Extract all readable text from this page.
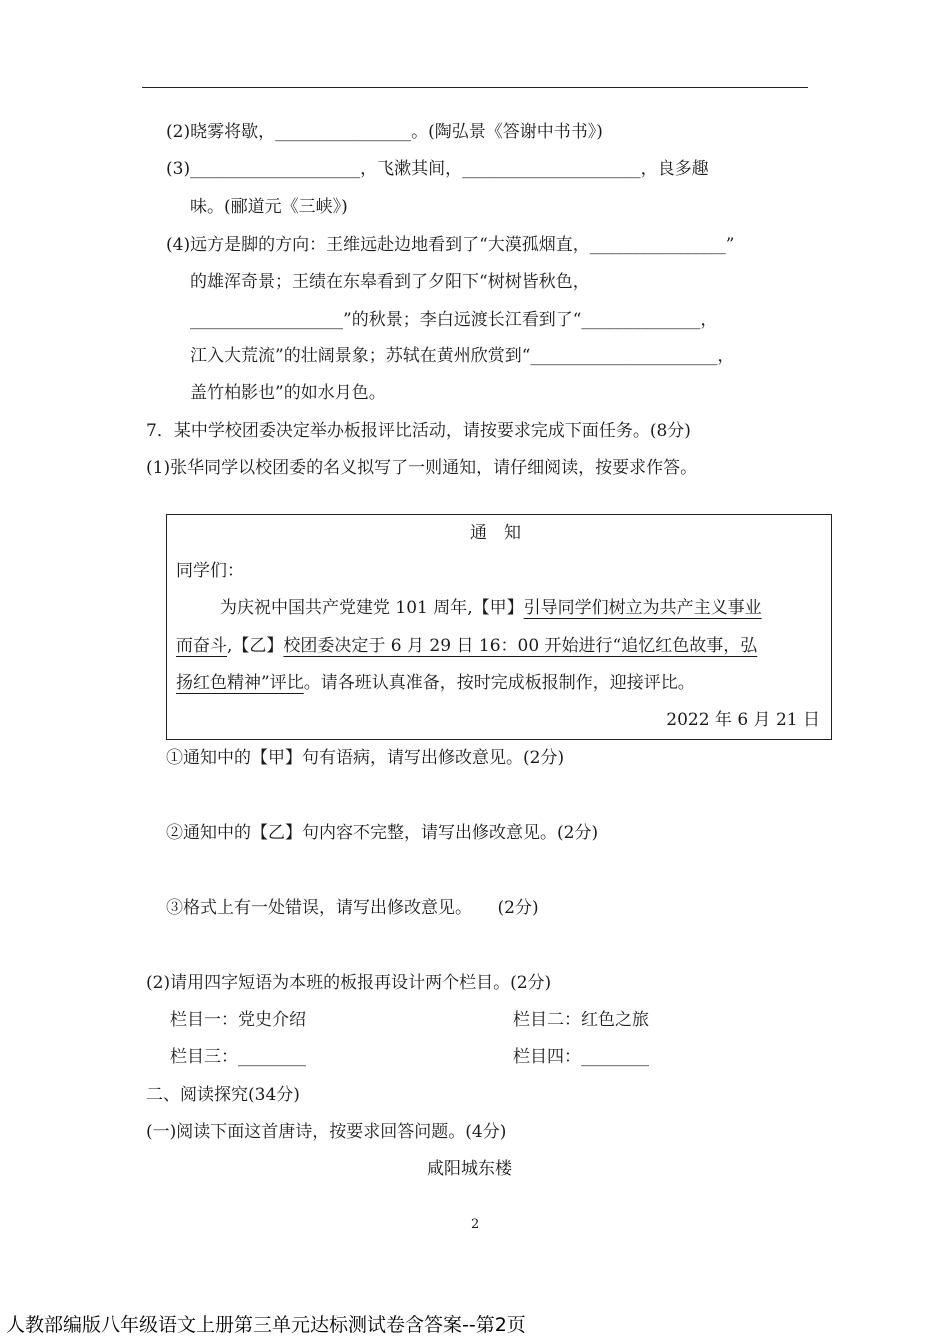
(2)晓雾将歇，________________。(陶弘景《答谢中书书》)
(3)____________________，飞漱其间，_____________________，良多趣
味。(郦道元《三峡》)
(4)远方是脚的方向：王维远赴边地看到了“大漠孤烟直，________________”
的雄浑奇景；王绩在东皋看到了夕阳下“树树皆秋色，
__________________”的秋景；李白远渡长江看到了“______________，
江入大荒流”的壮阔景象；苏轼在黄州欣赏到“______________________，
盖竹柏影也”的如水月色。
7．某中学校团委决定举办板报评比活动，请按要求完成下面任务。(8分)
(1)张华同学以校团委的名义拟写了一则通知，请仔细阅读，按要求作答。
通　知
同学们：
为庆祝中国共产党建党 101 周年,【甲】引导同学们树立为共产主义事业
而奋斗,【乙】校团委决定于 6 月 29 日 16：00 开始进行“追忆红色故事，弘
扬红色精神”评比。请各班认真准备，按时完成板报制作，迎接评比。
2022 年 6 月 21 日
①通知中的【甲】句有语病，请写出修改意见。(2分)
②通知中的【乙】句内容不完整，请写出修改意见。(2分)
③格式上有一处错误，请写出修改意见。　　(2分)
(2)请用四字短语为本班的板报再设计两个栏目。(2分)
栏目一：党史介绍	栏目二：红色之旅
栏目三：________	栏目四：________
二、阅读探究(34分)
(一)阅读下面这首唐诗，按要求回答问题。(4分)
咸阳城东楼
2
人教部编版八年级语文上册第三单元达标测试卷含答案--第2页
